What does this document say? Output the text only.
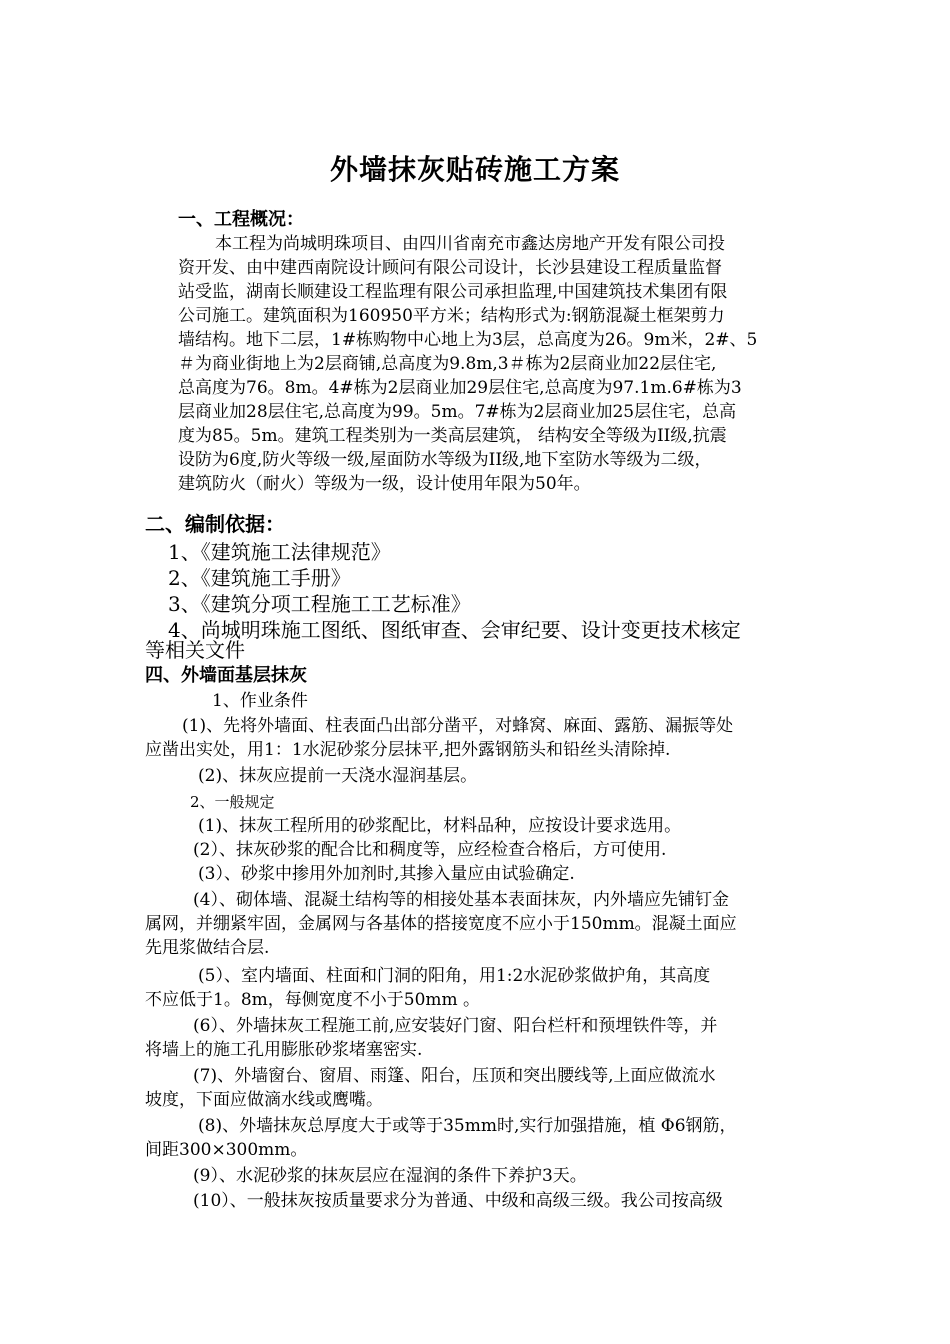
外墙抹灰贴砖施工方案
一、工程概况：
本工程为尚城明珠项目、由四川省南充市鑫达房地产开发有限公司投
资开发、由中建西南院设计顾问有限公司设计，长沙县建设工程质量监督
站受监，湖南长顺建设工程监理有限公司承担监理,中国建筑技术集团有限
公司施工。建筑面积为160950平方米；结构形式为:钢筋混凝土框架剪力
墙结构。地下二层，1#栋购物中心地上为3层，总高度为26。9m米，2#、5
＃为商业街地上为2层商铺,总高度为9.8m,3＃栋为2层商业加22层住宅,
总高度为76。8m。4#栋为2层商业加29层住宅,总高度为97.1m.6#栋为3
层商业加28层住宅,总高度为99。5m。7#栋为2层商业加25层住宅，总高
度为85。5m。建筑工程类别为一类高层建筑， 结构安全等级为II级,抗震
设防为6度,防火等级一级,屋面防水等级为II级,地下室防水等级为二级，
建筑防火（耐火）等级为一级，设计使用年限为50年。
二、编制依据：
1、《建筑施工法律规范》
2、《建筑施工手册》
3、《建筑分项工程施工工艺标准》
4、尚城明珠施工图纸、图纸审查、会审纪要、设计变更技术核定
等相关文件
四、外墙面基层抹灰
1、作业条件
(1)、先将外墙面、柱表面凸出部分凿平，对蜂窝、麻面、露筋、漏振等处
应凿出实处，用1：1水泥砂浆分层抹平,把外露钢筋头和铅丝头清除掉.
(2)、抹灰应提前一天浇水湿润基层。
2、一般规定
(1)、抹灰工程所用的砂浆配比，材料品种，应按设计要求选用。
(2）、抹灰砂浆的配合比和稠度等，应经检查合格后，方可使用.
(3）、砂浆中掺用外加剂时,其掺入量应由试验确定.
(4）、砌体墙、混凝土结构等的相接处基本表面抹灰，内外墙应先铺钉金
属网，并绷紧牢固，金属网与各基体的搭接宽度不应小于150mm。混凝土面应
先甩浆做结合层.
(5）、室内墙面、柱面和门洞的阳角，用1:2水泥砂浆做护角，其高度
不应低于1。8m，每侧宽度不小于50mm 。
(6）、外墙抹灰工程施工前,应安装好门窗、阳台栏杆和预埋铁件等，并
将墙上的施工孔用膨胀砂浆堵塞密实.
(7)、外墙窗台、窗眉、雨篷、阳台，压顶和突出腰线等,上面应做流水
坡度，下面应做滴水线或鹰嘴。
(8)、外墙抹灰总厚度大于或等于35mm时,实行加强措施，植 Φ6钢筋，
间距300×300mm。
(9）、水泥砂浆的抹灰层应在湿润的条件下养护3天。
(10）、一般抹灰按质量要求分为普通、中级和高级三级。我公司按高级
